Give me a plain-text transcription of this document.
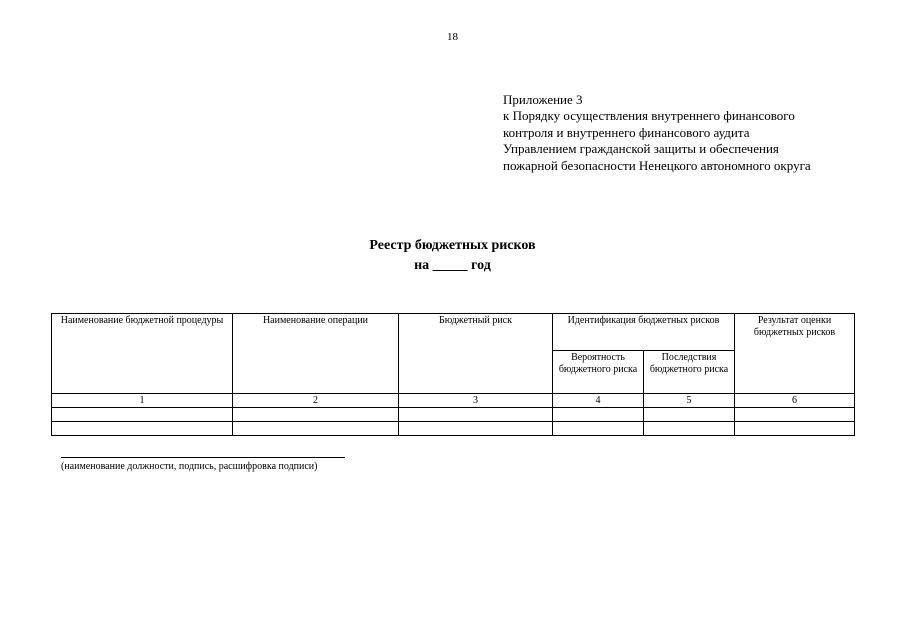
18
Приложение 3
к Порядку осуществления внутреннего финансового
контроля и внутреннего финансового аудита
Управлением гражданской защиты и обеспечения
пожарной безопасности Ненецкого автономного округа
Реестр бюджетных рисков
на _____ год
Наименование бюджетной процедуры	Наименование операции	Бюджетный риск	Идентификация бюджетных рисков		Результат оценки бюджетных рисков
			Вероятность бюджетного риска	Последствия бюджетного риска	
1	2	3	4	5	6

(наименование должности, подпись, расшифровка подписи)
